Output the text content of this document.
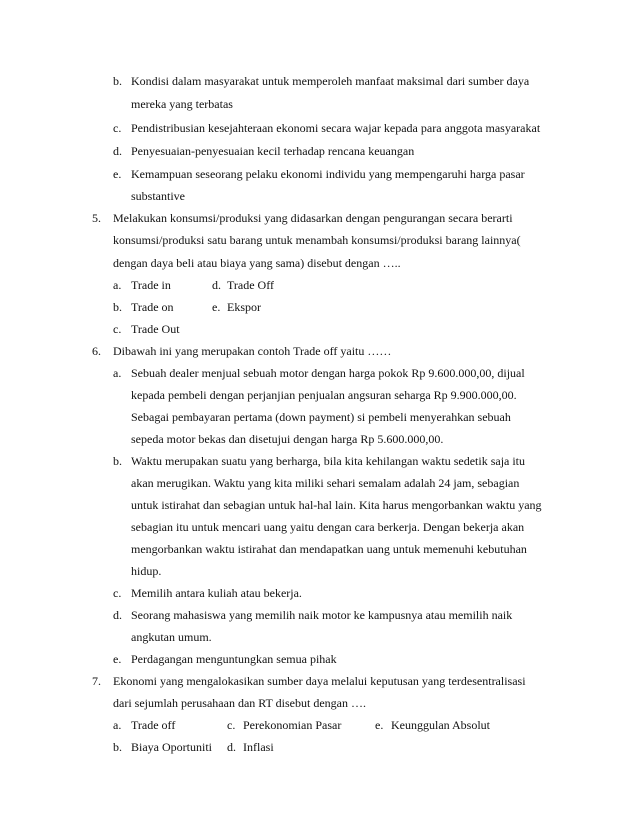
b. Kondisi dalam masyarakat untuk memperoleh manfaat maksimal dari sumber daya
mereka yang terbatas
c. Pendistribusian kesejahteraan ekonomi secara wajar kepada para anggota masyarakat
d. Penyesuaian-penyesuaian kecil terhadap rencana keuangan
e. Kemampuan seseorang pelaku ekonomi individu yang mempengaruhi harga pasar
substantive
5. Melakukan konsumsi/produksi yang didasarkan dengan pengurangan secara berarti
konsumsi/produksi satu barang untuk menambah konsumsi/produksi barang lainnya(
dengan daya beli atau biaya yang sama) disebut dengan …..
a. Trade in	d. Trade Off
b. Trade on	e. Ekspor
c. Trade Out
6. Dibawah ini yang merupakan contoh Trade off yaitu ……
a. Sebuah dealer menjual sebuah motor dengan harga pokok Rp 9.600.000,00, dijual
kepada pembeli dengan perjanjian penjualan angsuran seharga Rp 9.900.000,00.
Sebagai pembayaran pertama (down payment) si pembeli menyerahkan sebuah
sepeda motor bekas dan disetujui dengan harga Rp 5.600.000,00.
b. Waktu merupakan suatu yang berharga, bila kita kehilangan waktu sedetik saja itu
akan merugikan. Waktu yang kita miliki sehari semalam adalah 24 jam, sebagian
untuk istirahat dan sebagian untuk hal-hal lain. Kita harus mengorbankan waktu yang
sebagian itu untuk mencari uang yaitu dengan cara berkerja. Dengan bekerja akan
mengorbankan waktu istirahat dan mendapatkan uang untuk memenuhi kebutuhan
hidup.
c. Memilih antara kuliah atau bekerja.
d. Seorang mahasiswa yang memilih naik motor ke kampusnya atau memilih naik
angkutan umum.
e. Perdagangan menguntungkan semua pihak
7. Ekonomi yang mengalokasikan sumber daya melalui keputusan yang terdesentralisasi
dari sejumlah perusahaan dan RT disebut dengan ….
a. Trade off	c. Perekonomian Pasar	e. Keunggulan Absolut
b. Biaya Oportuniti d. Inflasi
